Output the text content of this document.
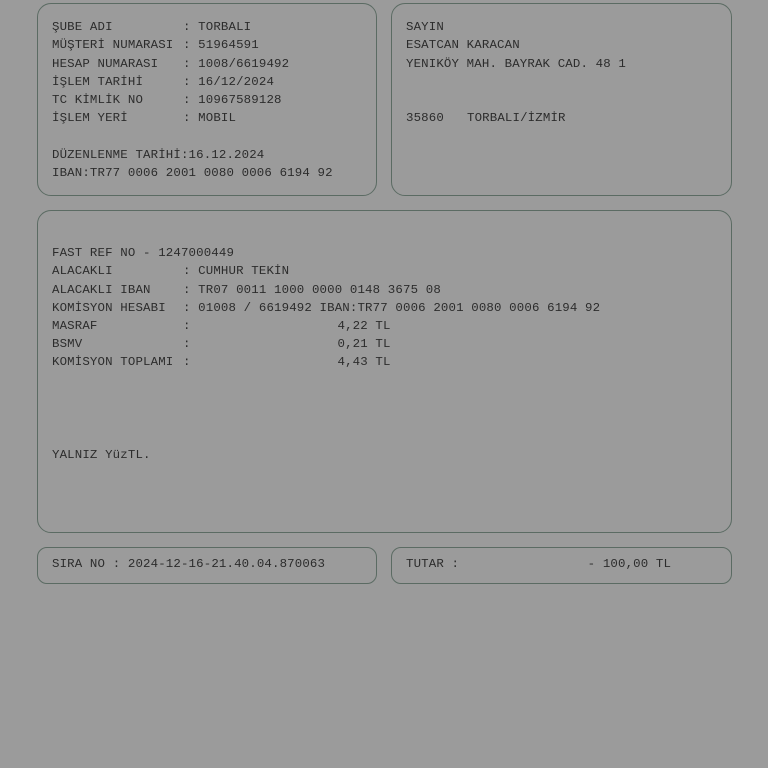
ŞUBE ADI	: TORBALI
MÜŞTERİ NUMARASI : 51964591
HESAP NUMARASI : 1008/6619492
İŞLEM TARİHİ	: 16/12/2024
TC KİMLİK NO	: 10967589128
İŞLEM YERİ	: MOBIL
DÜZENLENME TARİHİ:16.12.2024
IBAN:TR77 0006 2001 0080 0006 6194 92
SAYIN
ESATCAN KARACAN
YENIKÖY MAH. BAYRAK CAD. 48 1
35860 TORBALI/İZMİR
FAST REF NO - 1247000449
ALACAKLI	: CUMHUR TEKİN
ALACAKLI IBAN	: TR07 0011 1000 0000 0148 3675 08
KOMİSYON HESABI : 01008 / 6619492 IBAN:TR77 0006 2001 0080 0006 6194 92
MASRAF	:	4,22 TL
BSMV	:	0,21 TL
KOMİSYON TOPLAMI :	4,43 TL
YALNIZ YüzTL.
SIRA NO : 2024-12-16-21.40.04.870063	TUTAR :	- 100,00 TL
